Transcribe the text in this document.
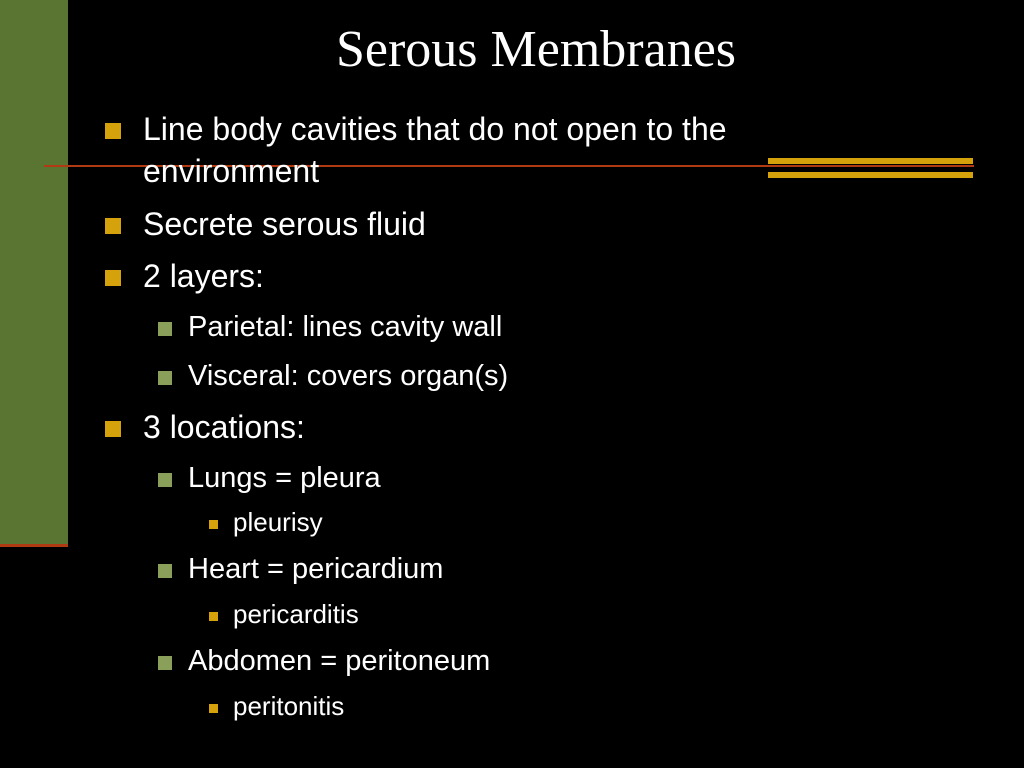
Serous Membranes
Line body cavities that do not open to the
environment
Secrete serous fluid
2 layers:
Parietal: lines cavity wall
Visceral: covers organ(s)
3 locations:
Lungs = pleura
pleurisy
Heart = pericardium
pericarditis
Abdomen = peritoneum
peritonitis
